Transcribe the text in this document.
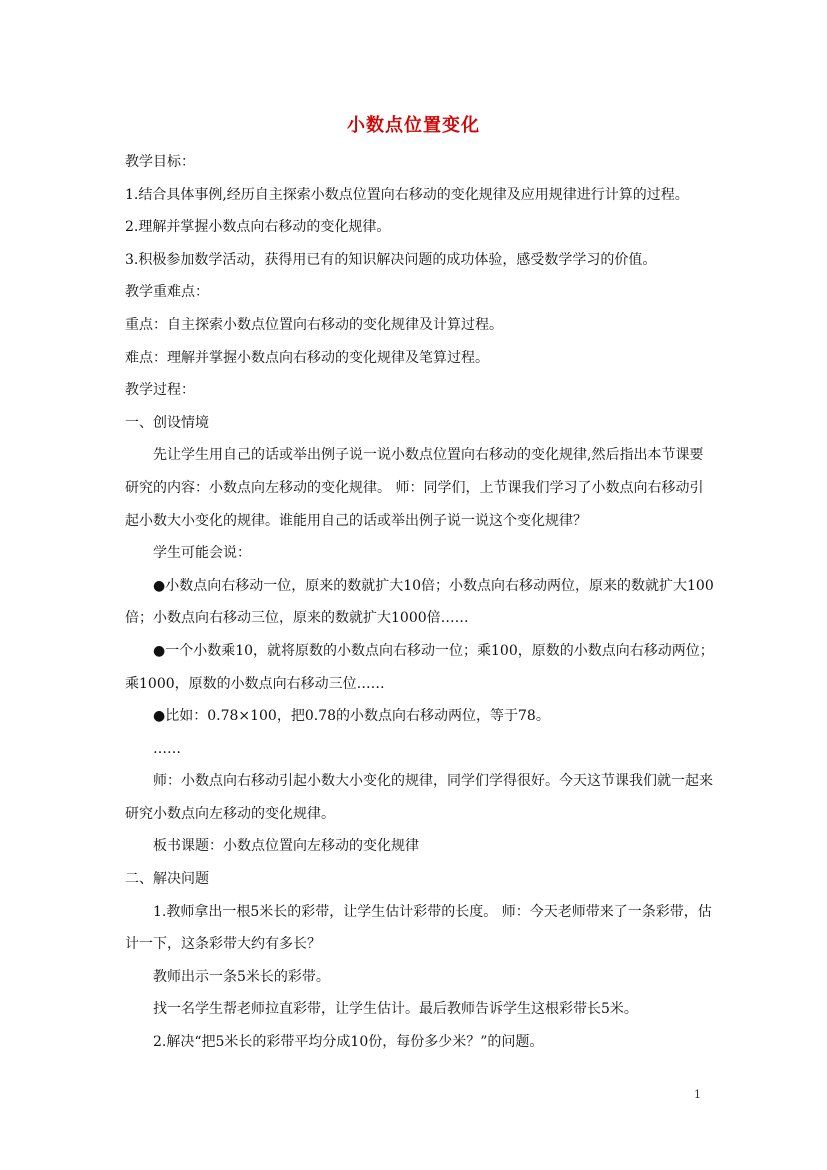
小数点位置变化

教学目标：

1.结合具体事例,经历自主探索小数点位置向右移动的变化规律及应用规律进行计算的过程。

2.理解并掌握小数点向右移动的变化规律。

3.积极参加数学活动，获得用已有的知识解决问题的成功体验，感受数学学习的价值。

教学重难点：

重点：自主探索小数点位置向右移动的变化规律及计算过程。

难点：理解并掌握小数点向右移动的变化规律及笔算过程。

教学过程：

一、创设情境

先让学生用自己的话或举出例子说一说小数点位置向右移动的变化规律,然后指出本节课要研究的内容：小数点向左移动的变化规律。 师：同学们，上节课我们学习了小数点向右移动引起小数大小变化的规律。谁能用自己的话或举出例子说一说这个变化规律？

学生可能会说：

●小数点向右移动一位，原来的数就扩大10倍；小数点向右移动两位，原来的数就扩大100倍；小数点向右移动三位，原来的数就扩大1000倍……

●一个小数乘10，就将原数的小数点向右移动一位；乘100，原数的小数点向右移动两位；乘1000，原数的小数点向右移动三位……

●比如：0.78×100，把0.78的小数点向右移动两位，等于78。

……

师：小数点向右移动引起小数大小变化的规律，同学们学得很好。今天这节课我们就一起来研究小数点向左移动的变化规律。

板书课题：小数点位置向左移动的变化规律

二、解决问题

1.教师拿出一根5米长的彩带，让学生估计彩带的长度。 师：今天老师带来了一条彩带，估计一下，这条彩带大约有多长？

教师出示一条5米长的彩带。

找一名学生帮老师拉直彩带，让学生估计。最后教师告诉学生这根彩带长5米。

2.解决“把5米长的彩带平均分成10份，每份多少米？”的问题。

1
